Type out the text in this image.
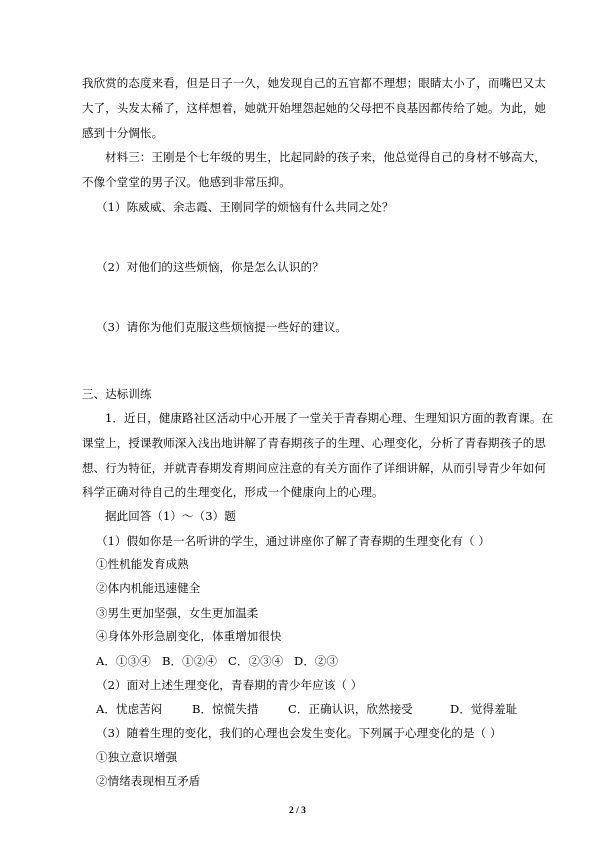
我欣赏的态度来看，但是日子一久，她发现自己的五官都不理想；眼睛太小了，而嘴巴又太
大了，头发太稀了，这样想着，她就开始埋怨起她的父母把不良基因都传给了她。为此，她
感到十分惆怅。
材料三：王刚是个七年级的男生，比起同龄的孩子来，他总觉得自己的身材不够高大，
不像个堂堂的男子汉。他感到非常压抑。
（1）陈威威、余志霞、王刚同学的烦恼有什么共同之处？
（2）对他们的这些烦恼，你是怎么认识的？
（3）请你为他们克服这些烦恼提一些好的建议。
三、达标训练
1．近日，健康路社区活动中心开展了一堂关于青春期心理、生理知识方面的教育课。在
课堂上，授课教师深入浅出地讲解了青春期孩子的生理、心理变化，分析了青春期孩子的思
想、行为特征，并就青春期发育期间应注意的有关方面作了详细讲解，从而引导青少年如何
科学正确对待自己的生理变化，形成一个健康向上的心理。
据此回答（1）～（3）题
（1）假如你是一名听讲的学生，通过讲座你了解了青春期的生理变化有（ ）
①性机能发育成熟
②体内机能迅速健全
③男生更加坚强，女生更加温柔
④身体外形急剧变化，体重增加很快
A．①③④ B．①②④ C．②③④ D．②③
（2）面对上述生理变化，青春期的青少年应该（ ）
A．忧虑苦闷	B．惊慌失措	C．正确认识，欣然接受	D．觉得羞耻
（3）随着生理的变化，我们的心理也会发生变化。下列属于心理变化的是（ ）
①独立意识增强
②情绪表现相互矛盾
2 / 3
